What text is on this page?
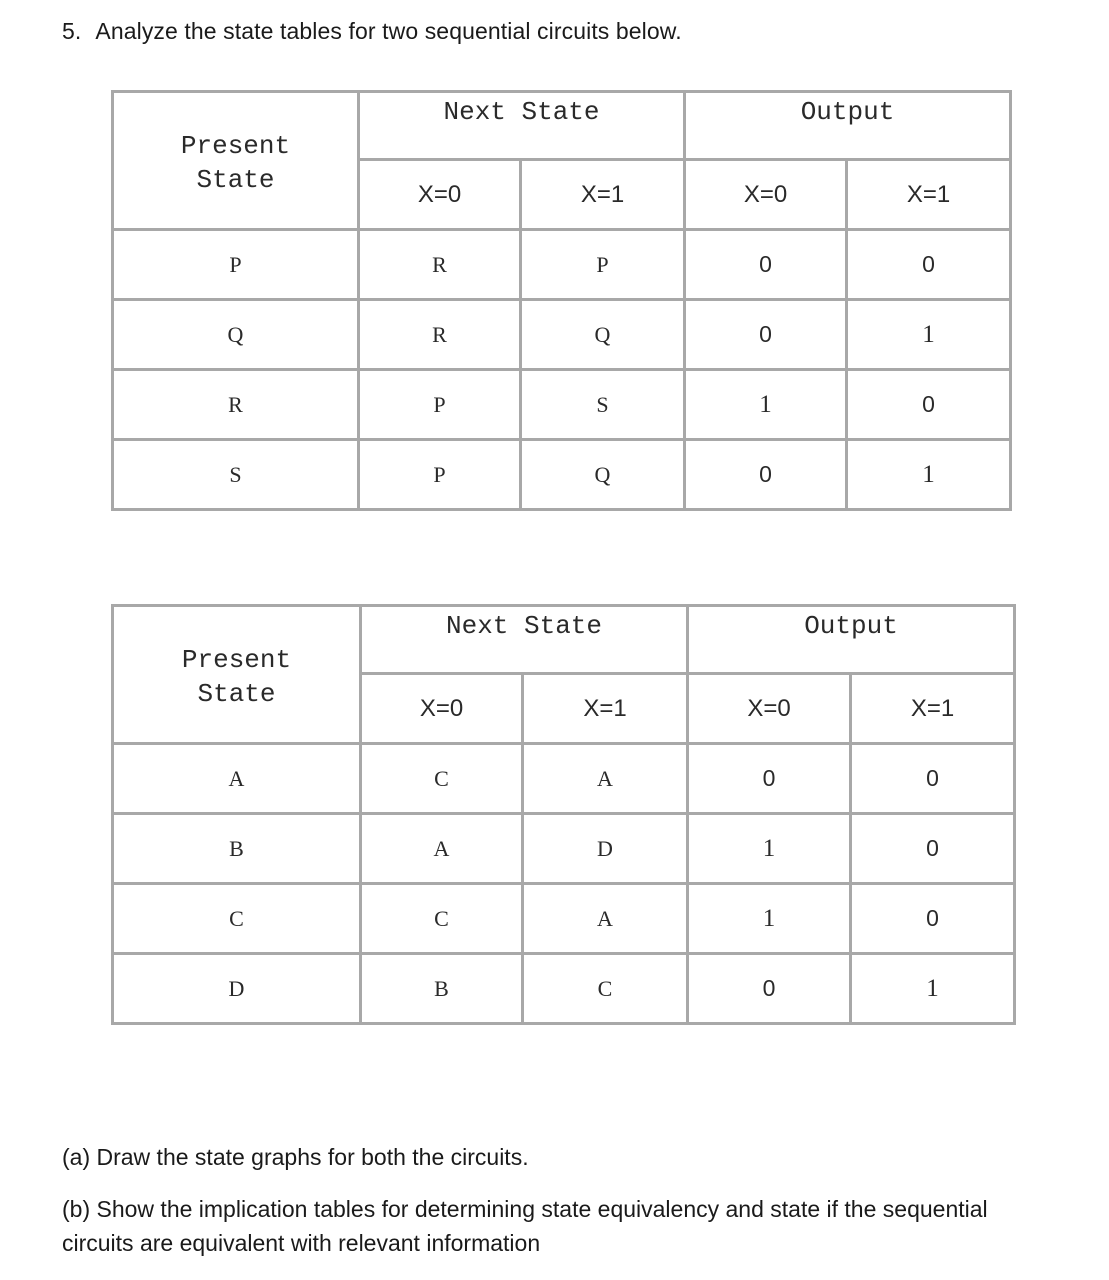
5. Analyze the state tables for two sequential circuits below.
Present
State	Next State		Output	
	X=0	X=1	X=0	X=1
P	R	P	0	0
Q	R	Q	0	1
R	P	S	1	0
S	P	Q	0	1
Present
State	Next State		Output	
	X=0	X=1	X=0	X=1
A	C	A	0	0
B	A	D	1	0
C	C	A	1	0
D	B	C	0	1

(a) Draw the state graphs for both the circuits.

(b) Show the implication tables for determining state equivalency and state if the sequential circuits are equivalent with relevant information
